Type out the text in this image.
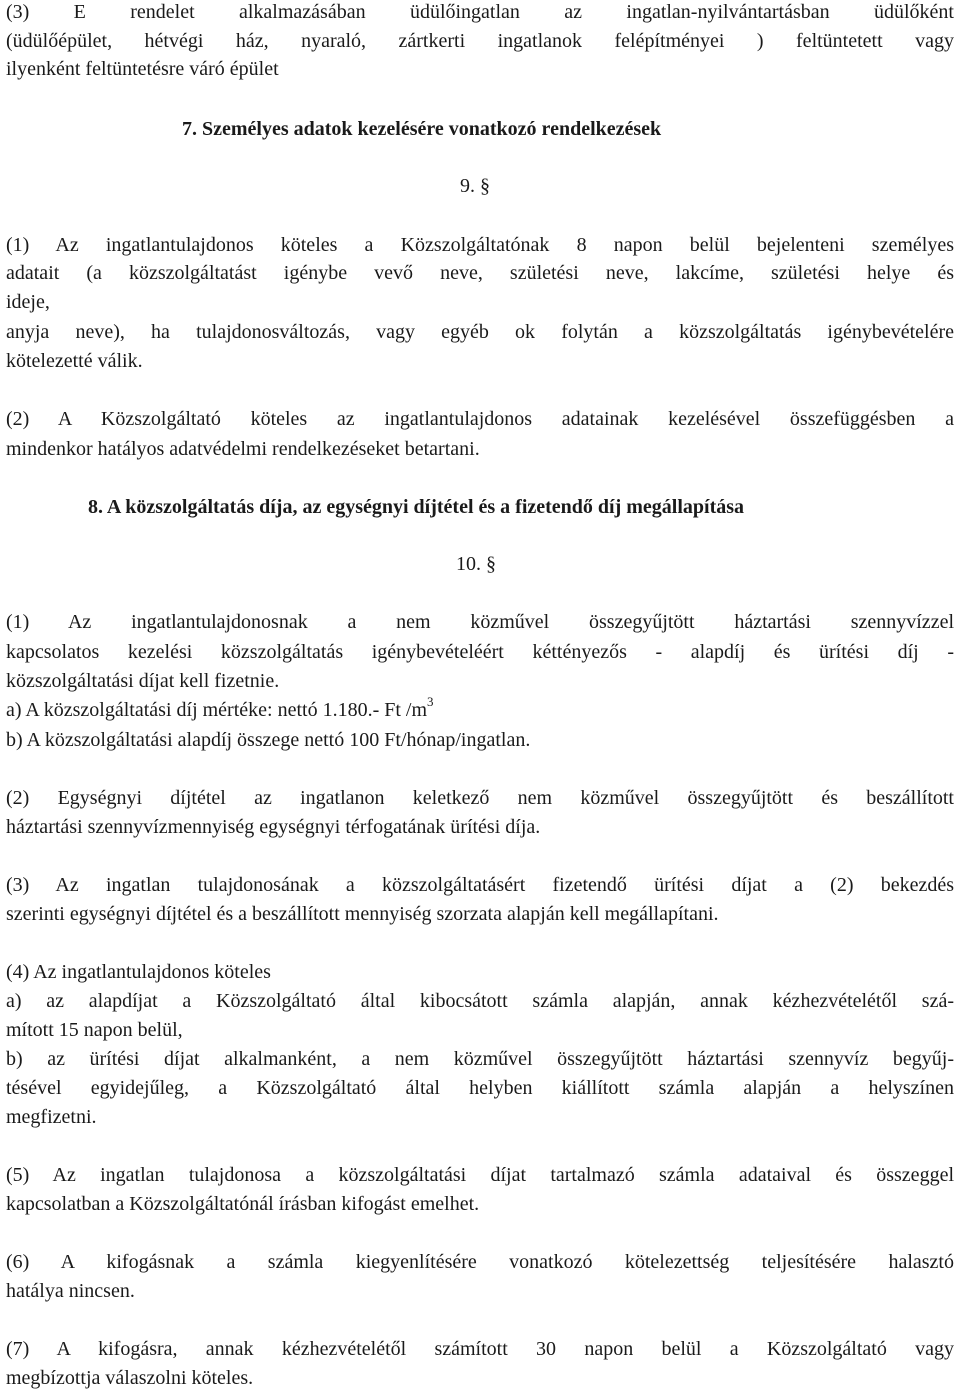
(3) E rendelet alkalmazásában üdülőingatlan az ingatlan-nyilvántartásban üdülőként
(üdülőépület, hétvégi ház, nyaraló, zártkerti ingatlanok felépítményei ) feltüntetett vagy
ilyenként feltüntetésre váró épület
7. Személyes adatok kezelésére vonatkozó rendelkezések
9. §
(1) Az ingatlantulajdonos köteles a Közszolgáltatónak 8 napon belül bejelenteni személyes
adatait (a közszolgáltatást igénybe vevő neve, születési neve, lakcíme, születési helye és
ideje,
anyja neve), ha tulajdonosváltozás, vagy egyéb ok folytán a közszolgáltatás igénybevételére
kötelezetté válik.
(2) A Közszolgáltató köteles az ingatlantulajdonos adatainak kezelésével összefüggésben a
mindenkor hatályos adatvédelmi rendelkezéseket betartani.
8. A közszolgáltatás díja, az egységnyi díjtétel és a fizetendő díj megállapítása
10. §
(1) Az ingatlantulajdonosnak a nem közművel összegyűjtött háztartási szennyvízzel
kapcsolatos kezelési közszolgáltatás igénybevételéért kéttényezős - alapdíj és ürítési díj -
közszolgáltatási díjat kell fizetnie.
a) A közszolgáltatási díj mértéke: nettó 1.180.- Ft $/m^3$
b) A közszolgáltatási alapdíj összege nettó 100 Ft/hónap/ingatlan.
(2) Egységnyi díjtétel az ingatlanon keletkező nem közművel összegyűjtött és beszállított
háztartási szennyvízmennyiség egységnyi térfogatának ürítési díja.
(3) Az ingatlan tulajdonosának a közszolgáltatásért fizetendő ürítési díjat a (2) bekezdés
szerinti egységnyi díjtétel és a beszállított mennyiség szorzata alapján kell megállapítani.
(4) Az ingatlantulajdonos köteles
a) az alapdíjat a Közszolgáltató által kibocsátott számla alapján, annak kézhezvételétől szá-
mított 15 napon belül,
b) az ürítési díjat alkalmanként, a nem közművel összegyűjtött háztartási szennyvíz begyűj-
tésével egyidejűleg, a Közszolgáltató által helyben kiállított számla alapján a helyszínen
megfizetni.
(5) Az ingatlan tulajdonosa a közszolgáltatási díjat tartalmazó számla adataival és összeggel
kapcsolatban a Közszolgáltatónál írásban kifogást emelhet.
(6) A kifogásnak a számla kiegyenlítésére vonatkozó kötelezettség teljesítésére halasztó
hatálya nincsen.
(7) A kifogásra, annak kézhezvételétől számított 30 napon belül a Közszolgáltató vagy
megbízottja válaszolni köteles.
